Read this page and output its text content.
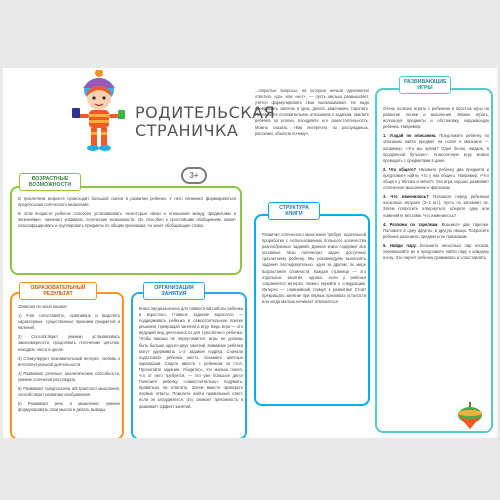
РОДИТЕЛЬСКАЯ
СТРАНИЧКА
3+

В трехлетнем возрасте происходит большой скачок в развитии ребенка. У него начинают формироваться предпосылки логического мышления.

В этом возрасте ребенок способен устанавливать «некоторые связи и отношения между предметами и явлениями», начинает усваивать логические возможности. Он способен к простейшим обобщениям, может классифицировать и группировать предметы по общим признакам, он знает обобщающие слова.

ВОЗРАСТНЫЕ ВОЗМОЖНОСТИ

Занятия по этой книжке:

1) Учат сопоставлять, сравнивать и выделять характерные, существенные признаки предметов и явлений.

2) Способствуют умению устанавливать закономерности, продолжать логические цепочки, находить части и целое.

3) Стимулируют познавательный интерес, любовь к интеллектуальной деятельности.

4) Развивают речевые, аналитические способности, умение логически рассуждать.

5) Развивают предпосылки абстрактного мышления, способствуют развитию воображения.

6) Развивают речь и мышление, умение формулировать свои мысли и делать выводы.

ОБРАЗОВАТЕЛЬНЫЙ РЕЗУЛЬТАТ

Книга предназначена для совместной работы ребенка и взрослого. Главное задание взрослого — поддерживать ребенка в самостоятельном поиске решения, превращая занятия в игру. Ведь игра — это ведущий вид деятельности для трехлетнего ребенка. Чтобы малыш не переутомился, игры не должны быть больше одного-двух занятий, внимание ребенка могут удерживать 1–2 задания подряд. Сначала подготовьте ребенка место, возьмите цветные карандаши. Сядьте вместе с ребенком за стол. Прочитайте задание. Убедитесь, что малыш понял, что от него требуется, — это уже большое дело! Поясните ребенку «самостоятельно» подумать, правильно ли ответить. Затем вместе проверьте первые ответы. Помогите найти правильный ответ, если он затрудняется. Это снижает тревожность и развивает эффект занятий.

ОРГАНИЗАЦИЯ ЗАНЯТИЯ

...открытые вопросы, на которые нельзя однозначно ответить «да» или «нет», — пусть малыш размышляет, учится формулировать свои высказывания. Не надо превращать занятие в урок, делать замечания, торопить. Проявляйте положительное отношение к задачам, хвалите ребенка за успехи, поощряйте его самостоятельность. Можно сказать: «Как интересно ты рассуждаешь, расскажи, объясни почему».

Развитие логического мышления требует тщательной проработки с использованием большого количества разнообразных заданий. Данная книга содержит все основные типы логических задач, доступных трехлетнему ребенку. Мы рекомендуем выполнять задания последовательно, одно за другим, по мере возрастания сложности. Каждая страница — это отдельное занятие, однако, если у ребенка сохраняется интерес, можно перейти к следующим. Интерес — главнейший стимул к развитию! Стоит прекращать занятие при первых признаках усталости или когда малыш начинает отвлекаться.

СТРУКТУРА КНИГИ

Очень полезно играть с ребенком в простые игры на развитие логики и мышления. Можно играть, используя предметы и обстановку, окружающую ребенка. Например:

1. Угадай по описанию. Предложите ребенку по описанию найти предмет на полке в магазине — например, «что мы купим? Одно белое, жидкое, в прозрачной бутылке». Аналогичную игру можно проводить с предметами в доме.

2. Что общего? Назовите ребенку два предмета и предложите найти, что у них общего. Например: «Что общего у яблока и мяча?» Эта игра хорошо развивает логическое мышление и фантазию.

3. Что изменилось? Положите перед ребенком несколько игрушек (3–4 шт.), пусть он запомнит их. Затем попросите отвернуться, уберите одну или поменяйте местами. Что изменилось?

4. Разложи по тарелкам. Возьмите две тарелки. Положите в одну фрукты, в другую овощи. Попросите ребенка разложить предметы по признакам.

5. Найди пару. Возьмите несколько пар носков, перемешайте их и предложите найти пару к каждому носку. Это научит ребенка сравнивать и сопоставлять.

РАЗВИВАЮЩИЕ ИГРЫ
